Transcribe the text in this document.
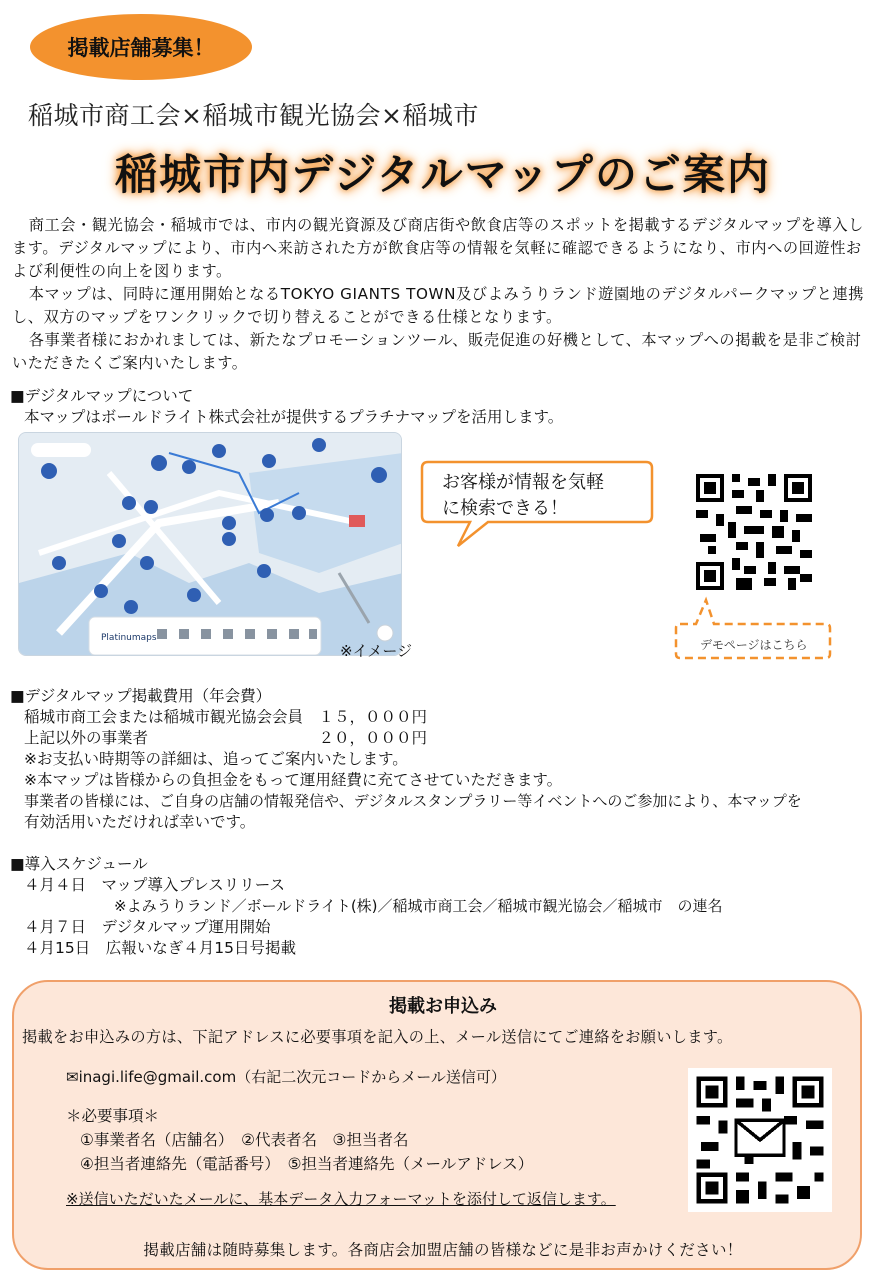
掲載店舗募集！
稲城市商工会×稲城市観光協会×稲城市
稲城市内デジタルマップのご案内

商工会・観光協会・稲城市では、市内の観光資源及び商店街や飲食店等のスポットを掲載するデジタルマップを導入します。デジタルマップにより、市内へ来訪された方が飲食店等の情報を気軽に確認できるようになり、市内への回遊性および利便性の向上を図ります。

本マップは、同時に運用開始となるTOKYO GIANTS TOWN及びよみうりランド遊園地のデジタルパークマップと連携し、双方のマップをワンクリックで切り替えることができる仕様となります。

各事業者様におかれましては、新たなプロモーションツール、販売促進の好機として、本マップへの掲載を是非ご検討いただきたくご案内いたします。

■デジタルマップについて
本マップはボールドライト株式会社が提供するプラチナマップを活用します。
Platinumaps
※イメージ
お客様が情報を気軽
に検索できる！
デモページはこちら
■デジタルマップ掲載費用（年会費）
稲城市商工会または稲城市観光協会会員　１５，０００円
上記以外の事業者　　　　　　　　　　　２０，０００円
※お支払い時期等の詳細は、追ってご案内いたします。
※本マップは皆様からの負担金をもって運用経費に充てさせていただきます。
事業者の皆様には、ご自身の店舗の情報発信や、デジタルスタンプラリー等イベントへのご参加により、本マップを
有効活用いただければ幸いです。
■導入スケジュール
４月４日　マップ導入プレスリリース
　　　　　　※よみうりランド／ボールドライト(株)／稲城市商工会／稲城市観光協会／稲城市　の連名
４月７日　デジタルマップ運用開始
４月15日　広報いなぎ４月15日号掲載
掲載お申込み
掲載をお申込みの方は、下記アドレスに必要事項を記入の上、メール送信にてご連絡をお願いします。
✉inagi.life@gmail.com（右記二次元コードからメール送信可）
＊必要事項＊
①事業者名（店舗名）　②代表者名　③担当者名
④担当者連絡先（電話番号）　⑤担当者連絡先（メールアドレス）
※送信いただいたメールに、基本データ入力フォーマットを添付して返信します。
掲載店舗は随時募集します。各商店会加盟店舗の皆様などに是非お声かけください！
